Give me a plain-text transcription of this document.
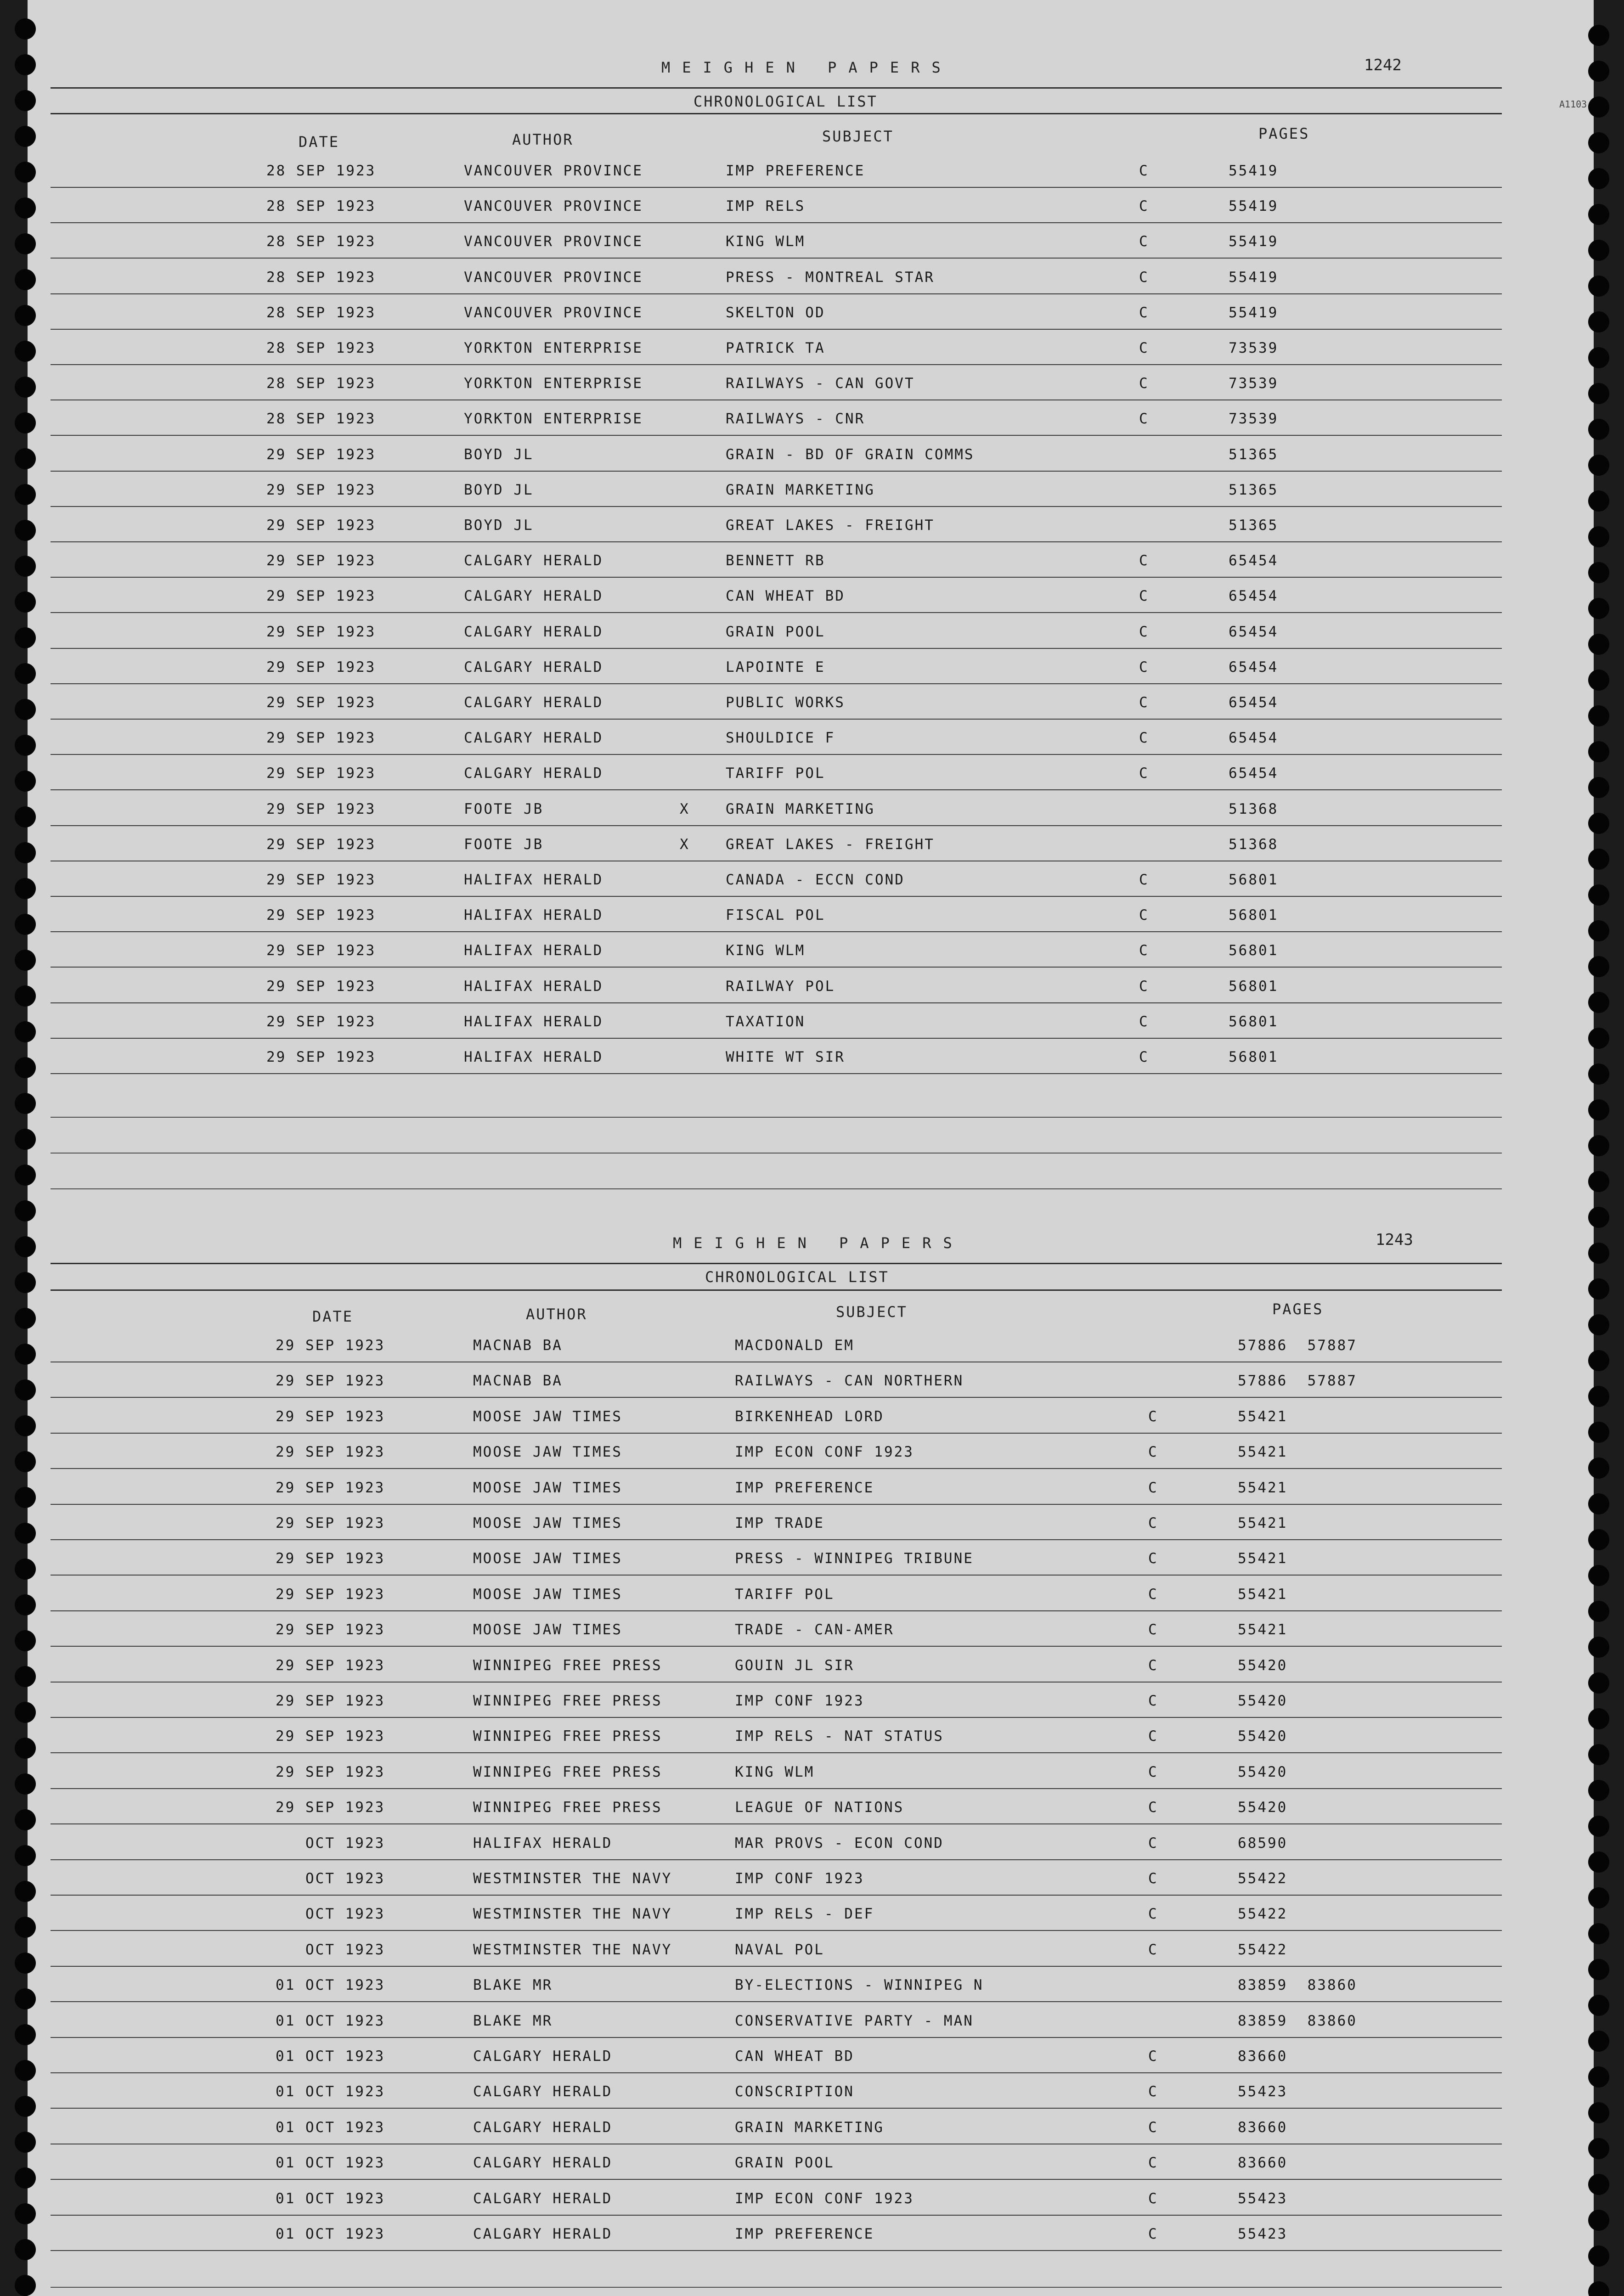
A1103
MEIGHEN PAPERS	1242
CHRONOLOGICAL LIST
DATE	AUTHOR	SUBJECT	PAGES
28 SEP 1923	VANCOUVER PROVINCE	IMP PREFERENCE	C	55419
28 SEP 1923	VANCOUVER PROVINCE	IMP RELS	C	55419
28 SEP 1923	VANCOUVER PROVINCE	KING WLM	C	55419
28 SEP 1923	VANCOUVER PROVINCE	PRESS - MONTREAL STAR	C	55419
28 SEP 1923	VANCOUVER PROVINCE	SKELTON OD	C	55419
28 SEP 1923	YORKTON ENTERPRISE	PATRICK TA	C	73539
28 SEP 1923	YORKTON ENTERPRISE	RAILWAYS - CAN GOVT	C	73539
28 SEP 1923	YORKTON ENTERPRISE	RAILWAYS - CNR	C	73539
29 SEP 1923	BOYD JL	GRAIN - BD OF GRAIN COMMS	51365
29 SEP 1923	BOYD JL	GRAIN MARKETING	51365
29 SEP 1923	BOYD JL	GREAT LAKES - FREIGHT	51365
29 SEP 1923	CALGARY HERALD	BENNETT RB	C	65454
29 SEP 1923	CALGARY HERALD	CAN WHEAT BD	C	65454
29 SEP 1923	CALGARY HERALD	GRAIN POOL	C	65454
29 SEP 1923	CALGARY HERALD	LAPOINTE E	C	65454
29 SEP 1923	CALGARY HERALD	PUBLIC WORKS	C	65454
29 SEP 1923	CALGARY HERALD	SHOULDICE F	C	65454
29 SEP 1923	CALGARY HERALD	TARIFF POL	C	65454
29 SEP 1923	FOOTE JB	X	GRAIN MARKETING	51368
29 SEP 1923	FOOTE JB	X	GREAT LAKES - FREIGHT	51368
29 SEP 1923	HALIFAX HERALD	CANADA - ECCN COND	C	56801
29 SEP 1923	HALIFAX HERALD	FISCAL POL	C	56801
29 SEP 1923	HALIFAX HERALD	KING WLM	C	56801
29 SEP 1923	HALIFAX HERALD	RAILWAY POL	C	56801
29 SEP 1923	HALIFAX HERALD	TAXATION	C	56801
29 SEP 1923	HALIFAX HERALD	WHITE WT SIR	C	56801
MEIGHEN PAPERS	1243
CHRONOLOGICAL LIST
DATE	AUTHOR	SUBJECT	PAGES
29 SEP 1923	MACNAB BA	MACDONALD EM	57886  57887
29 SEP 1923	MACNAB BA	RAILWAYS - CAN NORTHERN	57886  57887
29 SEP 1923	MOOSE JAW TIMES	BIRKENHEAD LORD	C	55421
29 SEP 1923	MOOSE JAW TIMES	IMP ECON CONF 1923	C	55421
29 SEP 1923	MOOSE JAW TIMES	IMP PREFERENCE	C	55421
29 SEP 1923	MOOSE JAW TIMES	IMP TRADE	C	55421
29 SEP 1923	MOOSE JAW TIMES	PRESS - WINNIPEG TRIBUNE	C	55421
29 SEP 1923	MOOSE JAW TIMES	TARIFF POL	C	55421
29 SEP 1923	MOOSE JAW TIMES	TRADE - CAN-AMER	C	55421
29 SEP 1923	WINNIPEG FREE PRESS	GOUIN JL SIR	C	55420
29 SEP 1923	WINNIPEG FREE PRESS	IMP CONF 1923	C	55420
29 SEP 1923	WINNIPEG FREE PRESS	IMP RELS - NAT STATUS	C	55420
29 SEP 1923	WINNIPEG FREE PRESS	KING WLM	C	55420
29 SEP 1923	WINNIPEG FREE PRESS	LEAGUE OF NATIONS	C	55420
OCT 1923	HALIFAX HERALD	MAR PROVS - ECON COND	C	68590
OCT 1923	WESTMINSTER THE NAVY	IMP CONF 1923	C	55422
OCT 1923	WESTMINSTER THE NAVY	IMP RELS - DEF	C	55422
OCT 1923	WESTMINSTER THE NAVY	NAVAL POL	C	55422
01 OCT 1923	BLAKE MR	BY-ELECTIONS - WINNIPEG N	83859  83860
01 OCT 1923	BLAKE MR	CONSERVATIVE PARTY - MAN	83859  83860
01 OCT 1923	CALGARY HERALD	CAN WHEAT BD	C	83660
01 OCT 1923	CALGARY HERALD	CONSCRIPTION	C	55423
01 OCT 1923	CALGARY HERALD	GRAIN MARKETING	C	83660
01 OCT 1923	CALGARY HERALD	GRAIN POOL	C	83660
01 OCT 1923	CALGARY HERALD	IMP ECON CONF 1923	C	55423
01 OCT 1923	CALGARY HERALD	IMP PREFERENCE	C	55423
